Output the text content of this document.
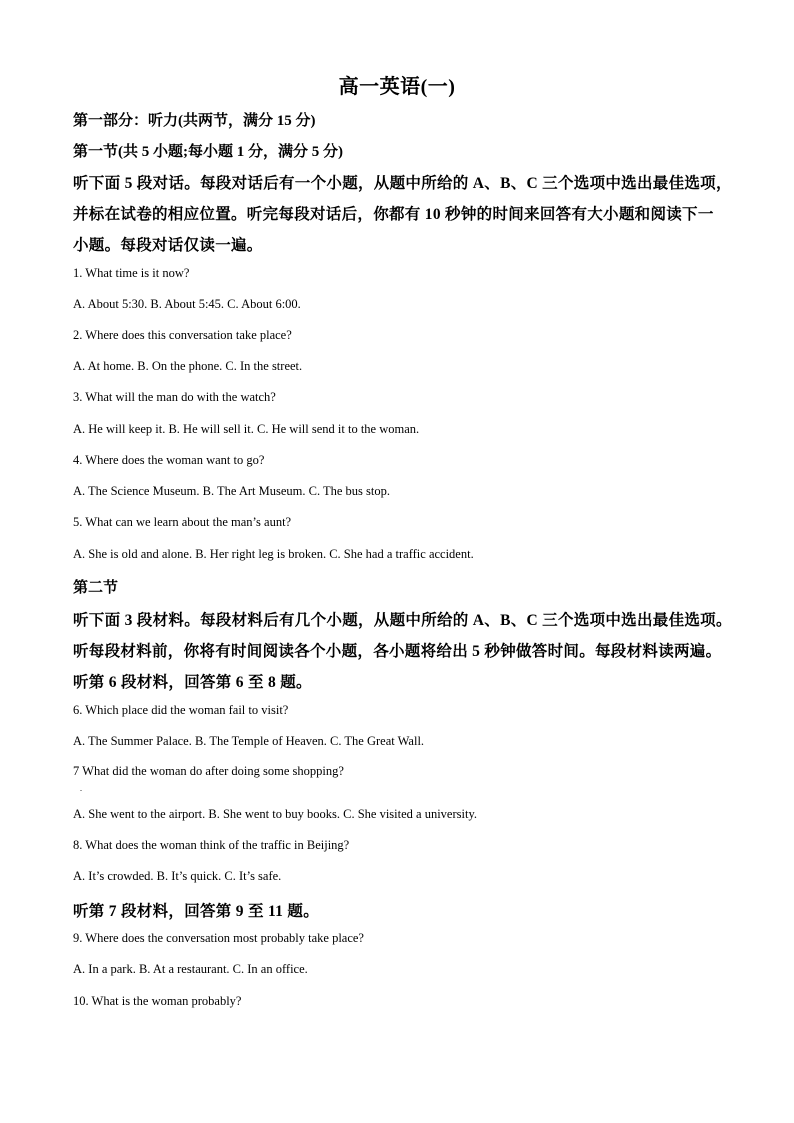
高一英语(一)
第一部分：听力(共两节，满分 15 分)
第一节(共 5 小题;每小题 1 分，满分 5 分)
听下面 5 段对话。每段对话后有一个小题，从题中所给的 A、B、C 三个选项中选出最佳选项，
并标在试卷的相应位置。听完每段对话后，你都有 10 秒钟的时间来回答有大小题和阅读下一
小题。每段对话仅读一遍。
1. What time is it now?
A. About 5:30. B. About 5:45. C. About 6:00.
2. Where does this conversation take place?
A. At home. B. On the phone. C. In the street.
3. What will the man do with the watch?
A. He will keep it. B. He will sell it. C. He will send it to the woman.
4. Where does the woman want to go?
A. The Science Museum. B. The Art Museum. C. The bus stop.
5. What can we learn about the man’s aunt?
A. She is old and alone. B. Her right leg is broken. C. She had a traffic accident.
第二节
听下面 3 段材料。每段材料后有几个小题，从题中所给的 A、B、C 三个选项中选出最佳选项。
听每段材料前，你将有时间阅读各个小题，各小题将给出 5 秒钟做答时间。每段材料读两遍。
听第 6 段材料，回答第 6 至 8 题。
6. Which place did the woman fail to visit?
A. The Summer Palace. B. The Temple of Heaven. C. The Great Wall.
7 What did the woman do after doing some shopping?
.
A. She went to the airport. B. She went to buy books. C. She visited a university.
8. What does the woman think of the traffic in Beijing?
A. It’s crowded. B. It’s quick. C. It’s safe.
听第 7 段材料，回答第 9 至 11 题。
9. Where does the conversation most probably take place?
A. In a park. B. At a restaurant. C. In an office.
10. What is the woman probably?
